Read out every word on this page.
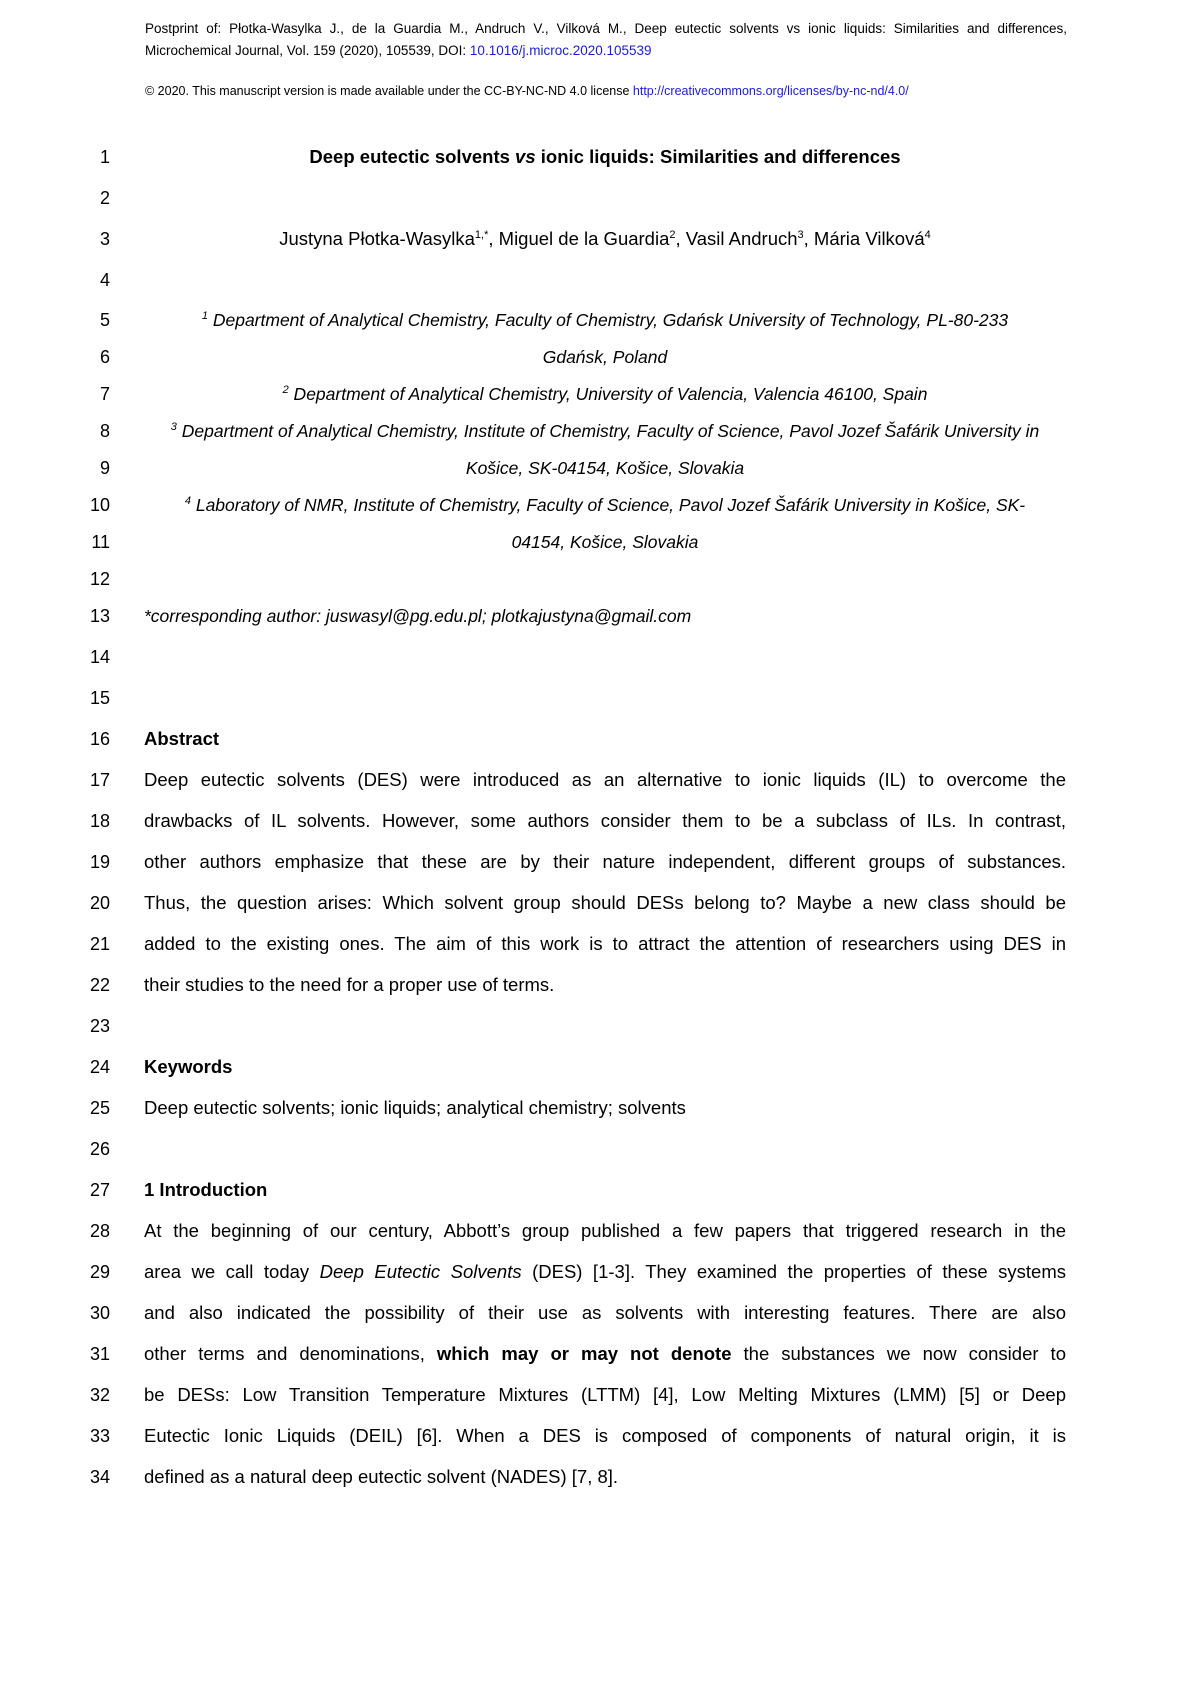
Postprint of: Płotka-Wasylka J., de la Guardia M., Andruch V., Vilková M., Deep eutectic solvents vs ionic liquids: Similarities and differences, Microchemical Journal, Vol. 159 (2020), 105539, DOI: 10.1016/j.microc.2020.105539
© 2020. This manuscript version is made available under the CC-BY-NC-ND 4.0 license http://creativecommons.org/licenses/by-nc-nd/4.0/
1
2
3
4
5
6
7
8
9
10
11
12
13
14
15
16
17
18
19
20
21
22
23
24
25
26
27
28
29
30
31
32
33
34
Deep eutectic solvents vs ionic liquids: Similarities and differences
Justyna Płotka-Wasylka$^{1,*}$, Miguel de la Guardia$^2$, Vasil Andruch$^3$, Mária Vilková$^4$
$^1$ Department of Analytical Chemistry, Faculty of Chemistry, Gdańsk University of Technology, PL-80-233
Gdańsk, Poland
$^2$ Department of Analytical Chemistry, University of Valencia, Valencia 46100, Spain
$^3$ Department of Analytical Chemistry, Institute of Chemistry, Faculty of Science, Pavol Jozef Šafárik University in
Košice, SK-04154, Košice, Slovakia
$^4$ Laboratory of NMR, Institute of Chemistry, Faculty of Science, Pavol Jozef Šafárik University in Košice, SK-
04154, Košice, Slovakia
*corresponding author: juswasyl@pg.edu.pl; plotkajustyna@gmail.com
Abstract
Deep eutectic solvents (DES) were introduced as an alternative to ionic liquids (IL) to overcome the
drawbacks of IL solvents. However, some authors consider them to be a subclass of ILs. In contrast,
other authors emphasize that these are by their nature independent, different groups of substances.
Thus, the question arises: Which solvent group should DESs belong to? Maybe a new class should be
added to the existing ones. The aim of this work is to attract the attention of researchers using DES in
their studies to the need for a proper use of terms.
Keywords
Deep eutectic solvents; ionic liquids; analytical chemistry; solvents
1 Introduction
At the beginning of our century, Abbott’s group published a few papers that triggered research in the
area we call today Deep Eutectic Solvents (DES) [1-3]. They examined the properties of these systems
and also indicated the possibility of their use as solvents with interesting features. There are also
other terms and denominations, which may or may not denote the substances we now consider to
be DESs: Low Transition Temperature Mixtures (LTTM) [4], Low Melting Mixtures (LMM) [5] or Deep
Eutectic Ionic Liquids (DEIL) [6]. When a DES is composed of components of natural origin, it is
defined as a natural deep eutectic solvent (NADES) [7, 8].
